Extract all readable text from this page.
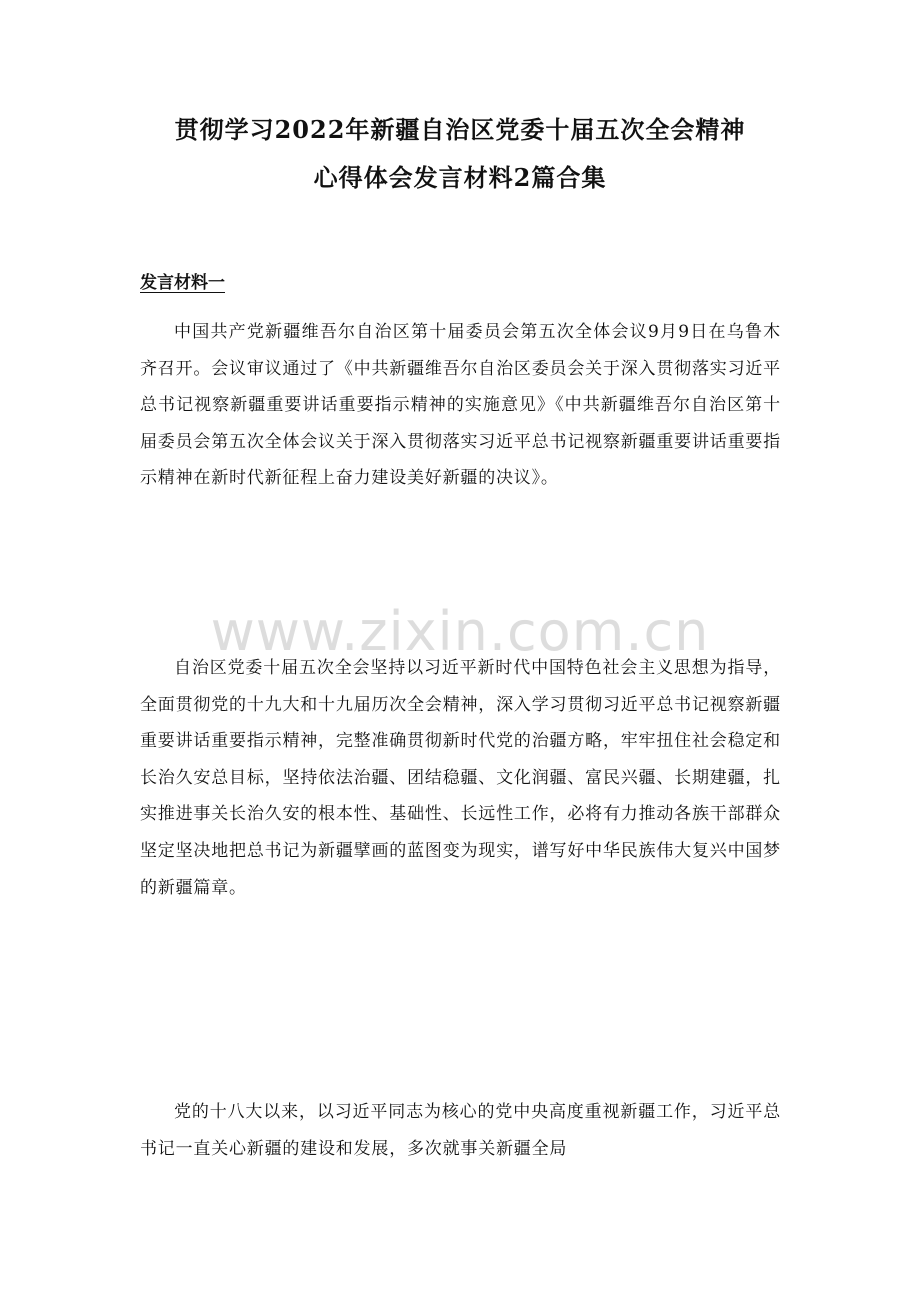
贯彻学习2022年新疆自治区党委十届五次全会精神
心得体会发言材料2篇合集
发言材料一

中国共产党新疆维吾尔自治区第十届委员会第五次全体会议9月9日在乌鲁木齐召开。会议审议通过了《中共新疆维吾尔自治区委员会关于深入贯彻落实习近平总书记视察新疆重要讲话重要指示精神的实施意见》《中共新疆维吾尔自治区第十届委员会第五次全体会议关于深入贯彻落实习近平总书记视察新疆重要讲话重要指示精神在新时代新征程上奋力建设美好新疆的决议》。

自治区党委十届五次全会坚持以习近平新时代中国特色社会主义思想为指导，全面贯彻党的十九大和十九届历次全会精神，深入学习贯彻习近平总书记视察新疆重要讲话重要指示精神，完整准确贯彻新时代党的治疆方略，牢牢扭住社会稳定和长治久安总目标，坚持依法治疆、团结稳疆、文化润疆、富民兴疆、长期建疆，扎实推进事关长治久安的根本性、基础性、长远性工作，必将有力推动各族干部群众坚定坚决地把总书记为新疆擘画的蓝图变为现实，谱写好中华民族伟大复兴中国梦的新疆篇章。

党的十八大以来，以习近平同志为核心的党中央高度重视新疆工作，习近平总书记一直关心新疆的建设和发展，多次就事关新疆全局

www.zixin.com.cn
